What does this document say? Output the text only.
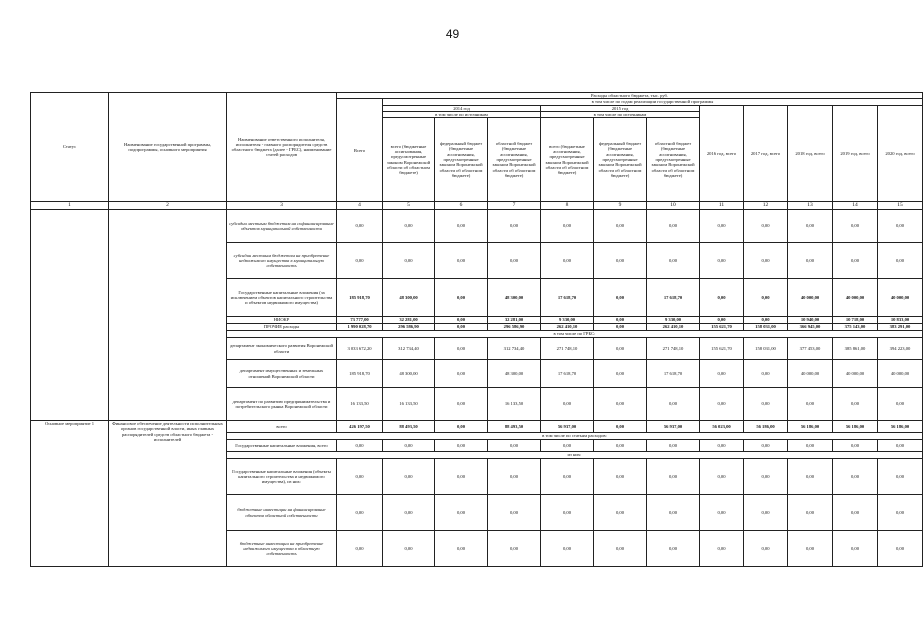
49
Статус	Наименование государственной программы, подпрограммы, основного мероприятия	Наименование ответственного исполнителя, исполнителя - главного распорядителя средств областного бюджета (далее - ГРБС), наименование статей расходов	Расходы областного бюджета, тыс. руб.											
			Всего	в том числе по годам реализации государственной программы										
				2014 год			2015 год			2016 год, всего	2017 год, всего	2018 год, всего	2019 год, всего	2020 год, всего
				в том числе по источникам			в том числе по источникам							
				всего (бюджетные ассигнования, предусмотренные законом Воронежской области об областном бюджете)	федеральный бюджет (бюджетные ассигнования, предусмотренные законом Воронежской области об областном бюджете)	областной бюджет (бюджетные ассигнования, предусмотренные законом Воронежской области об областном бюджете)	всего (бюджетные ассигнования, предусмотренные законом Воронежской области об областном бюджете)	федеральный бюджет (бюджетные ассигнования, предусмотренные законом Воронежской области об областном бюджете)	областной бюджет (бюджетные ассигнования, предусмотренные законом Воронежской области об областном бюджете)					
1	2	3	4	5	6	7	8	9	10	11	12	13	14	15
		субсидии местным бюджетам на софинансирование объектов муниципальной собственности	0,00	0,00	0,00	0,00	0,00	0,00	0,00	0,00	0,00	0,00	0,00	0,00
		субсидии местным бюджетам на приобретение недвижимого имущества в муниципальную собственность	0,00	0,00	0,00	0,00	0,00	0,00	0,00	0,00	0,00	0,00	0,00	0,00
		Государственные капитальные вложения (за исключением объектов капитального строительства и объектов недвижимого имущества)	185 918,70	48 300,00	0,00	48 300,00	17 618,70	0,00	17 618,70	0,00	0,00	40 000,00	40 000,00	40 000,00
		НИОКР	73 777,00	32 281,00	0,00	32 281,00	9 330,00	0,00	9 330,00	0,00	0,00	10 940,00	10 718,00	10 833,00
		ПРОЧИЕ расходы	1 990 028,70	296 586,90	0,00	296 586,90	262 410,10	0,00	262 410,10	155 621,70	158 031,00	366 945,00	375 143,00	383 291,00
		в том числе по ГРБС:												
		департамент экономического развития Воронежской области	3 033 672,20	312 734,40	0,00	312 734,40	271 748,10	0,00	271 748,10	155 621,70	158 031,00	377 453,00	385 861,00	394 223,00
		департамент имущественных и земельных отношений Воронежской области	185 918,70	48 300,00	0,00	48 300,00	17 618,70	0,00	17 618,70	0,00	0,00	40 000,00	40 000,00	40 000,00
		департамент по развитию предпринимательства и потребительского рынка Воронежской области	16 133,50	16 133,50	0,00	16 133,50	0,00	0,00	0,00	0,00	0,00	0,00	0,00	0,00
Основное мероприятие 1	Финансовое обеспечение деятельности исполнительных органов государственной власти, иных главных распорядителей средств областного бюджета - исполнителей	всего	426 197,50	88 493,50	0,00	88 493,50	56 937,00	0,00	56 937,00	56 023,00	56 186,00	56 186,00	56 186,00	56 186,00
		в том числе по статьям расходов:												
		Государственные капитальные вложения, всего	0,00	0,00	0,00	0,00	0,00	0,00	0,00	0,00	0,00	0,00	0,00	0,00
		из них:												
		Государственные капитальные вложения (объекты капитального строительства и недвижимого имущества), из них:	0,00	0,00	0,00	0,00	0,00	0,00	0,00	0,00	0,00	0,00	0,00	0,00
		бюджетные инвестиции на финансирование объектов областной собственности	0,00	0,00	0,00	0,00	0,00	0,00	0,00	0,00	0,00	0,00	0,00	0,00
		бюджетные инвестиции на приобретение недвижимого имущества в областную собственность	0,00	0,00	0,00	0,00	0,00	0,00	0,00	0,00	0,00	0,00	0,00	0,00
